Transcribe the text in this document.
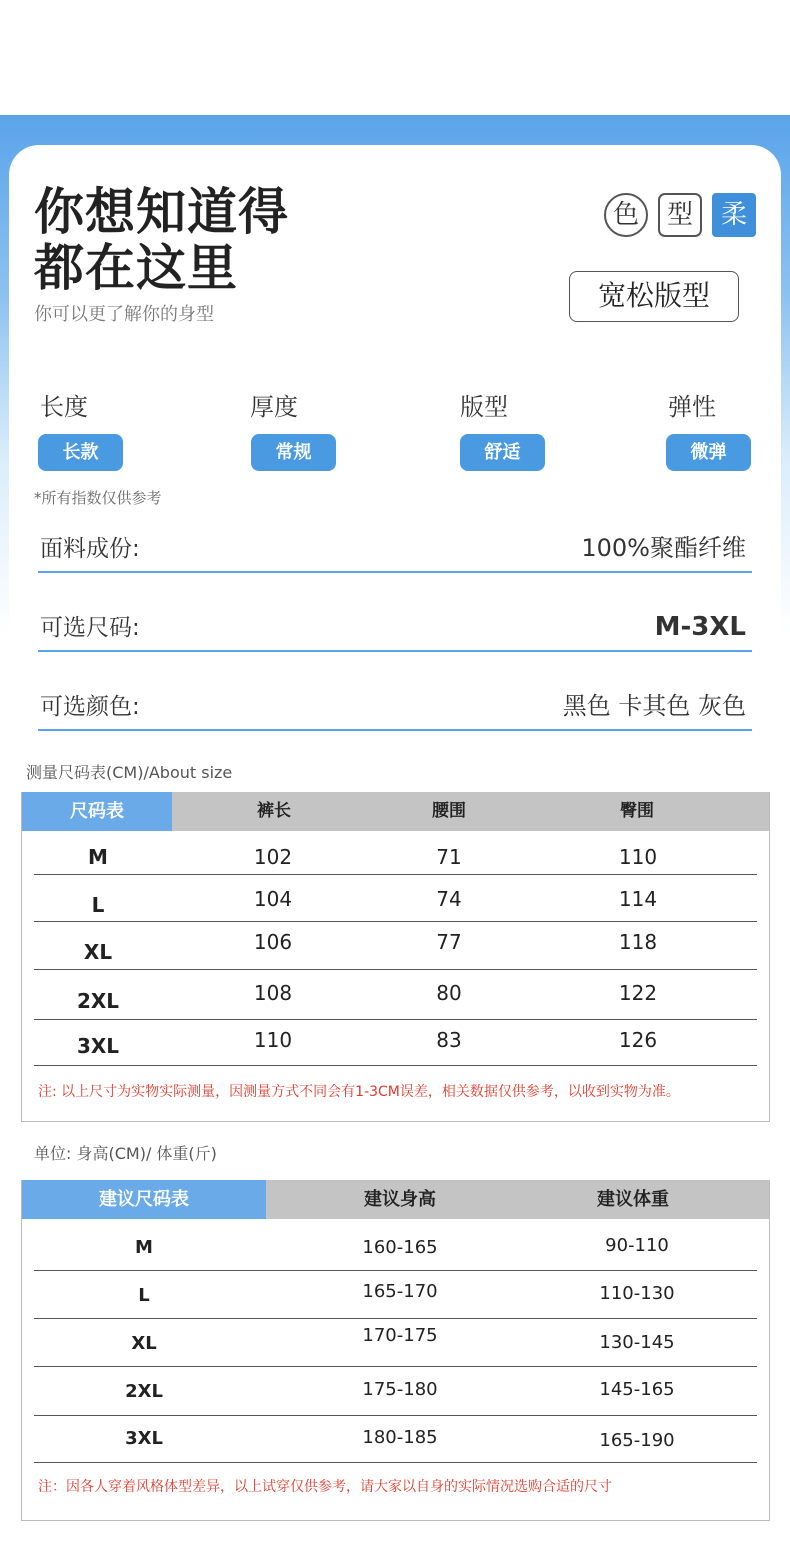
你想知道得
都在这里
你可以更了解你的身型
色	型	柔
宽松版型
长度	厚度	版型	弹性
长款	常规	舒适	微弹
*所有指数仅供参考
面料成份:	100%聚酯纤维
可选尺码:	M-3XL
可选颜色:	黑色 卡其色 灰色
测量尺码表(CM)/About size
尺码表	裤长	腰围	臀围
M	102	71	110
L	104	74	114
XL	106	77	118
2XL	108	80	122
3XL	110	83	126
注: 以上尺寸为实物实际测量，因测量方式不同会有1-3CM误差，相关数据仅供参考，以收到实物为准。
单位: 身高(CM)/ 体重(斤)
建议尺码表	建议身高	建议体重
M	160-165	90-110
L	165-170	110-130
XL	170-175	130-145
2XL	175-180	145-165
3XL	180-185	165-190
注：因各人穿着风格体型差异，以上试穿仅供参考，请大家以自身的实际情况选购合适的尺寸
